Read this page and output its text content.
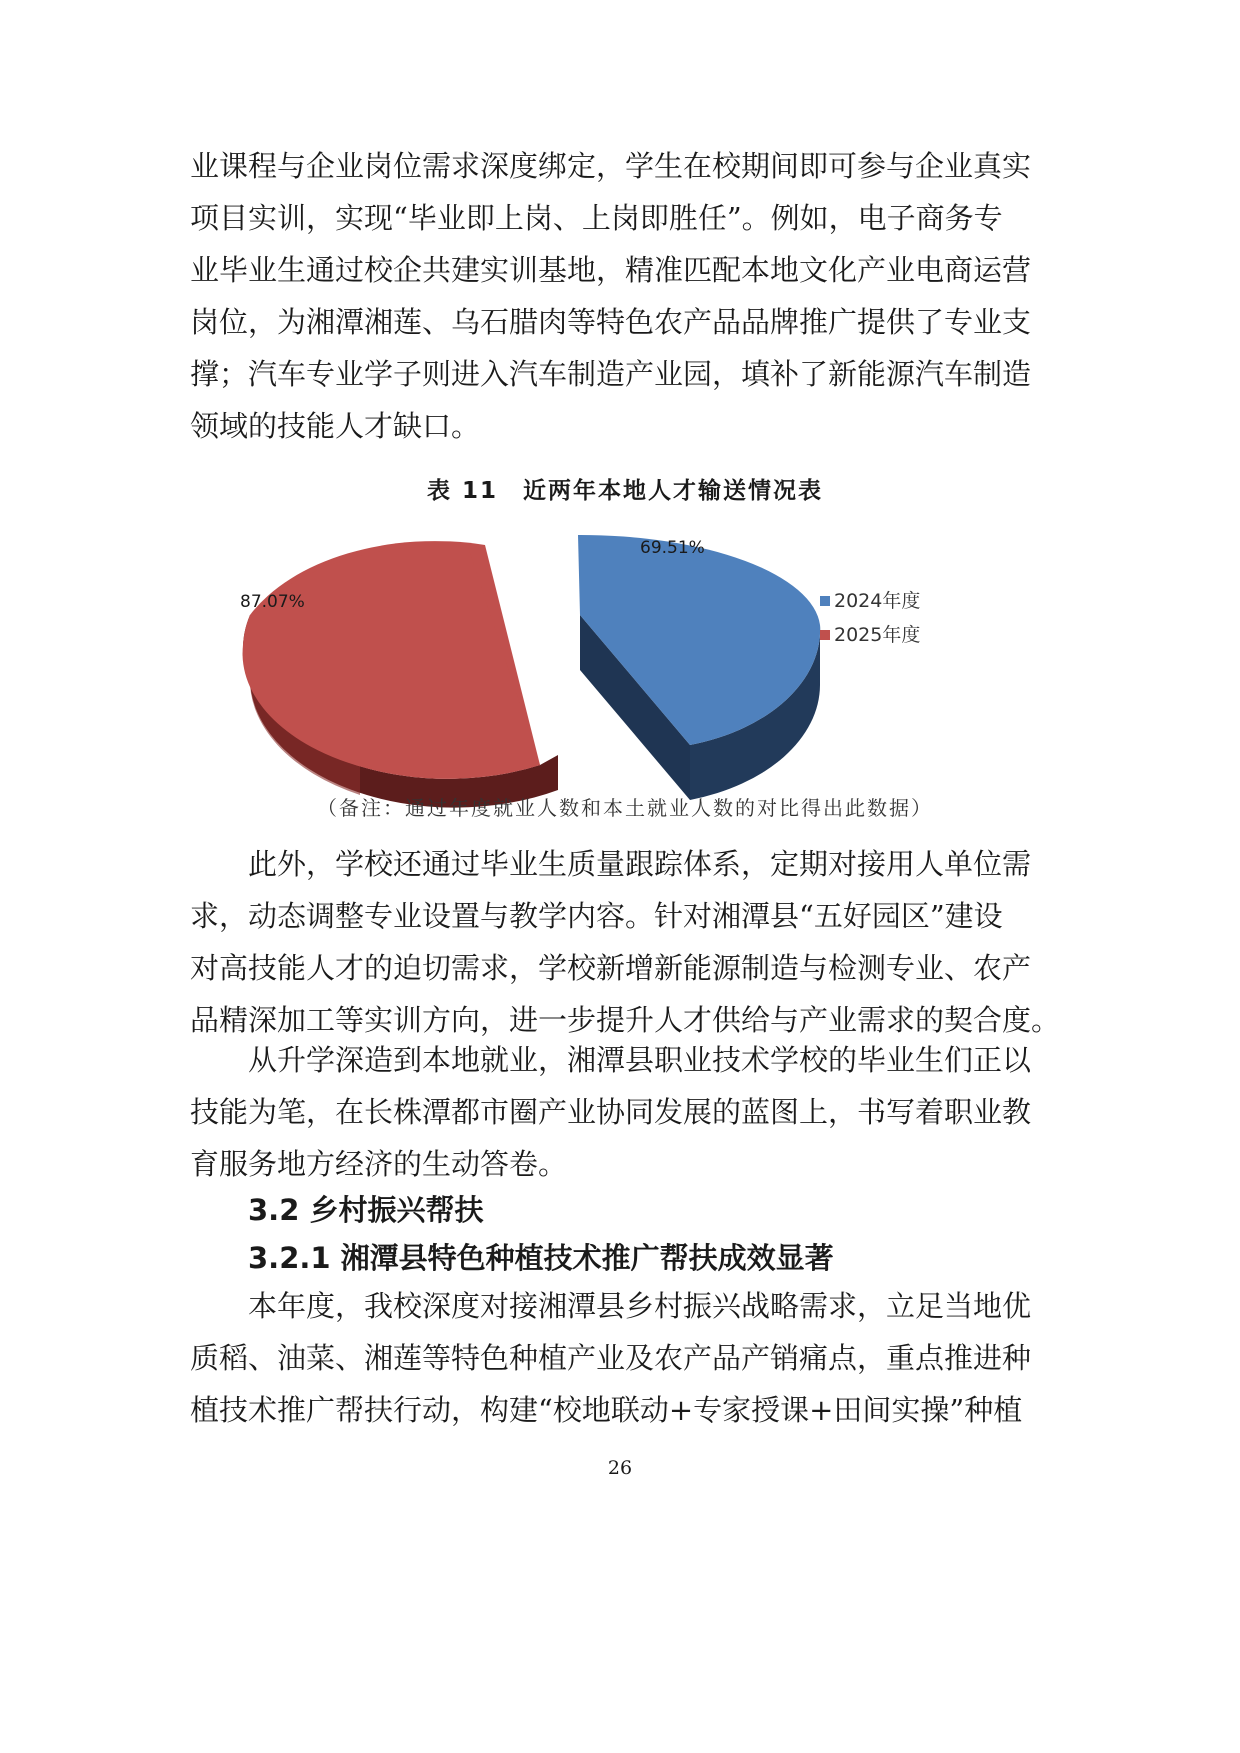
业课程与企业岗位需求深度绑定，学生在校期间即可参与企业真实
项目实训，实现“毕业即上岗、上岗即胜任”。例如，电子商务专
业毕业生通过校企共建实训基地，精准匹配本地文化产业电商运营
岗位，为湘潭湘莲、乌石腊肉等特色农产品品牌推广提供了专业支
撑；汽车专业学子则进入汽车制造产业园，填补了新能源汽车制造
领域的技能人才缺口。
表 11　近两年本地人才输送情况表
69.51%
87.07%	2024年度
2025年度
（备注：通过年度就业人数和本土就业人数的对比得出此数据）
此外，学校还通过毕业生质量跟踪体系，定期对接用人单位需
求，动态调整专业设置与教学内容。针对湘潭县“五好园区”建设
对高技能人才的迫切需求，学校新增新能源制造与检测专业、农产
品精深加工等实训方向，进一步提升人才供给与产业需求的契合度。
从升学深造到本地就业，湘潭县职业技术学校的毕业生们正以
技能为笔，在长株潭都市圈产业协同发展的蓝图上，书写着职业教
育服务地方经济的生动答卷。
3.2 乡村振兴帮扶
3.2.1 湘潭县特色种植技术推广帮扶成效显著
本年度，我校深度对接湘潭县乡村振兴战略需求，立足当地优
质稻、油菜、湘莲等特色种植产业及农产品产销痛点，重点推进种
植技术推广帮扶行动，构建“校地联动+专家授课+田间实操”种植
26
